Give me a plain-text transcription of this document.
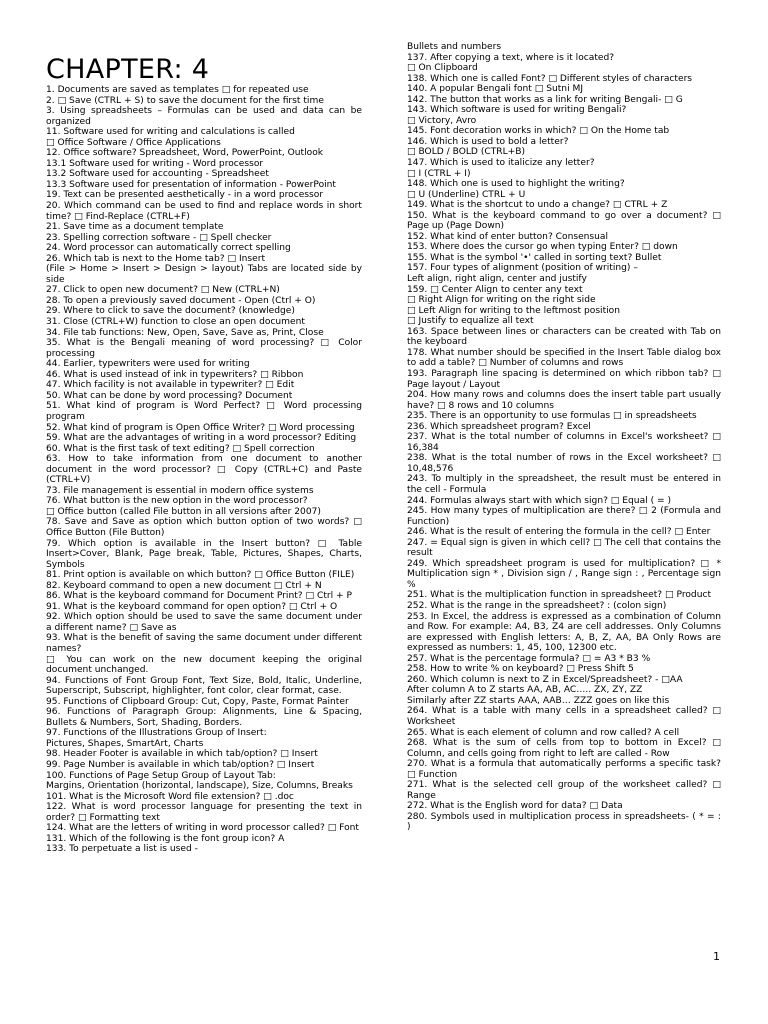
CHAPTER: 4

1. Documents are saved as templates □ for repeated use

2. □ Save (CTRL + S) to save the document for the first time

3. Using spreadsheets – Formulas can be used and data can be organized

11. Software used for writing and calculations is called

□ Office Software / Office Applications

12. Office software? Spreadsheet, Word, PowerPoint, Outlook

13.1 Software used for writing - Word processor

13.2 Software used for accounting - Spreadsheet

13.3 Software used for presentation of information - PowerPoint

19. Text can be presented aesthetically - in a word processor

20. Which command can be used to find and replace words in short time? □ Find-Replace (CTRL+F)

21. Save time as a document template

23. Spelling correction software - □ Spell checker

24. Word processor can automatically correct spelling

26. Which tab is next to the Home tab? □ Insert

(File > Home > Insert > Design > layout) Tabs are located side by side

27. Click to open new document? □ New (CTRL+N)

28. To open a previously saved document - Open (Ctrl + O)

29. Where to click to save the document? (knowledge)

31. Close (CTRL+W) function to close an open document

34. File tab functions: New, Open, Save, Save as, Print, Close

35. What is the Bengali meaning of word processing? □ Color processing

44. Earlier, typewriters were used for writing

46. What is used instead of ink in typewriters? □ Ribbon

47. Which facility is not available in typewriter? □ Edit

50. What can be done by word processing? Document

51. What kind of program is Word Perfect? □ Word processing program

52. What kind of program is Open Office Writer? □ Word processing

59. What are the advantages of writing in a word processor? Editing

60. What is the first task of text editing? □ Spell correction

63. How to take information from one document to another document in the word processor? □ Copy (CTRL+C) and Paste (CTRL+V)

73. File management is essential in modern office systems

76. What button is the new option in the word processor?

□ Office button (called File button in all versions after 2007)

78. Save and Save as option which button option of two words? □ Office Button (File Button)

79. Which option is available in the Insert button? □ Table Insert>Cover, Blank, Page break, Table, Pictures, Shapes, Charts, Symbols

81. Print option is available on which button? □ Office Button (FILE)

82. Keyboard command to open a new document □ Ctrl + N

86. What is the keyboard command for Document Print? □ Ctrl + P

91. What is the keyboard command for open option? □ Ctrl + O

92. Which option should be used to save the same document under a different name? □ Save as

93. What is the benefit of saving the same document under different names?

□ You can work on the new document keeping the original document unchanged.

94. Functions of Font Group Font, Text Size, Bold, Italic, Underline, Superscript, Subscript, highlighter, font color, clear format, case.

95. Functions of Clipboard Group: Cut, Copy, Paste, Format Painter

96. Functions of Paragraph Group: Alignments, Line & Spacing, Bullets & Numbers, Sort, Shading, Borders.

97. Functions of the Illustrations Group of Insert:

Pictures, Shapes, SmartArt, Charts

98. Header Footer is available in which tab/option? □ Insert

99. Page Number is available in which tab/option? □ Insert

100. Functions of Page Setup Group of Layout Tab:

Margins, Orientation (horizontal, landscape), Size, Columns, Breaks

101. What is the Microsoft Word file extension? □ .doc

122. What is word processor language for presenting the text in order? □ Formatting text

124. What are the letters of writing in word processor called? □ Font

131. Which of the following is the font group icon? A

133. To perpetuate a list is used -

Bullets and numbers

137. After copying a text, where is it located?

□ On Clipboard

138. Which one is called Font? □ Different styles of characters

140. A popular Bengali font □ Sutni MJ

142. The button that works as a link for writing Bengali- □ G

143. Which software is used for writing Bengali?

□ Victory, Avro

145. Font decoration works in which? □ On the Home tab

146. Which is used to bold a letter?

□ BOLD / BOLD (CTRL+B)

147. Which is used to italicize any letter?

□ I (CTRL + I)

148. Which one is used to highlight the writing?

□ U (Underline) CTRL + U

149. What is the shortcut to undo a change? □ CTRL + Z

150. What is the keyboard command to go over a document? □ Page up (Page Down)

152. What kind of enter button? Consensual

153. Where does the cursor go when typing Enter? □ down

155. What is the symbol '•' called in sorting text? Bullet

157. Four types of alignment (position of writing) –

Left align, right align, center and justify

159. □ Center Align to center any text

□ Right Align for writing on the right side

□ Left Align for writing to the leftmost position

□ Justify to equalize all text

163. Space between lines or characters can be created with Tab on the keyboard

178. What number should be specified in the Insert Table dialog box to add a table? □ Number of columns and rows

193. Paragraph line spacing is determined on which ribbon tab? □ Page layout / Layout

204. How many rows and columns does the insert table part usually have? □ 8 rows and 10 columns

235. There is an opportunity to use formulas □ in spreadsheets

236. Which spreadsheet program? Excel

237. What is the total number of columns in Excel's worksheet? □ 16,384

238. What is the total number of rows in the Excel worksheet? □ 10,48,576

243. To multiply in the spreadsheet, the result must be entered in the cell - Formula

244. Formulas always start with which sign? □ Equal ( = )

245. How many types of multiplication are there? □ 2 (Formula and Function)

246. What is the result of entering the formula in the cell? □ Enter

247. = Equal sign is given in which cell? □ The cell that contains the result

249. Which spreadsheet program is used for multiplication? □ * Multiplication sign * , Division sign / , Range sign : , Percentage sign %

251. What is the multiplication function in spreadsheet? □ Product

252. What is the range in the spreadsheet? : (colon sign)

253. In Excel, the address is expressed as a combination of Column and Row. For example: A4, B3, Z4 are cell addresses. Only Columns are expressed with English letters: A, B, Z, AA, BA Only Rows are expressed as numbers: 1, 45, 100, 12300 etc.

257. What is the percentage formula? □ = A3 * B3 %

258. How to write % on keyboard? □ Press Shift 5

260. Which column is next to Z in Excel/Spreadsheet? - □AA

After column A to Z starts AA, AB, AC….. ZX, ZY, ZZ

Similarly after ZZ starts AAA, AAB… ZZZ goes on like this

264. What is a table with many cells in a spreadsheet called? □ Worksheet

265. What is each element of column and row called? A cell

268. What is the sum of cells from top to bottom in Excel? □ Column, and cells going from right to left are called - Row

270. What is a formula that automatically performs a specific task? □ Function

271. What is the selected cell group of the worksheet called? □ Range

272. What is the English word for data? □ Data

280. Symbols used in multiplication process in spreadsheets- ( * = : )

1
